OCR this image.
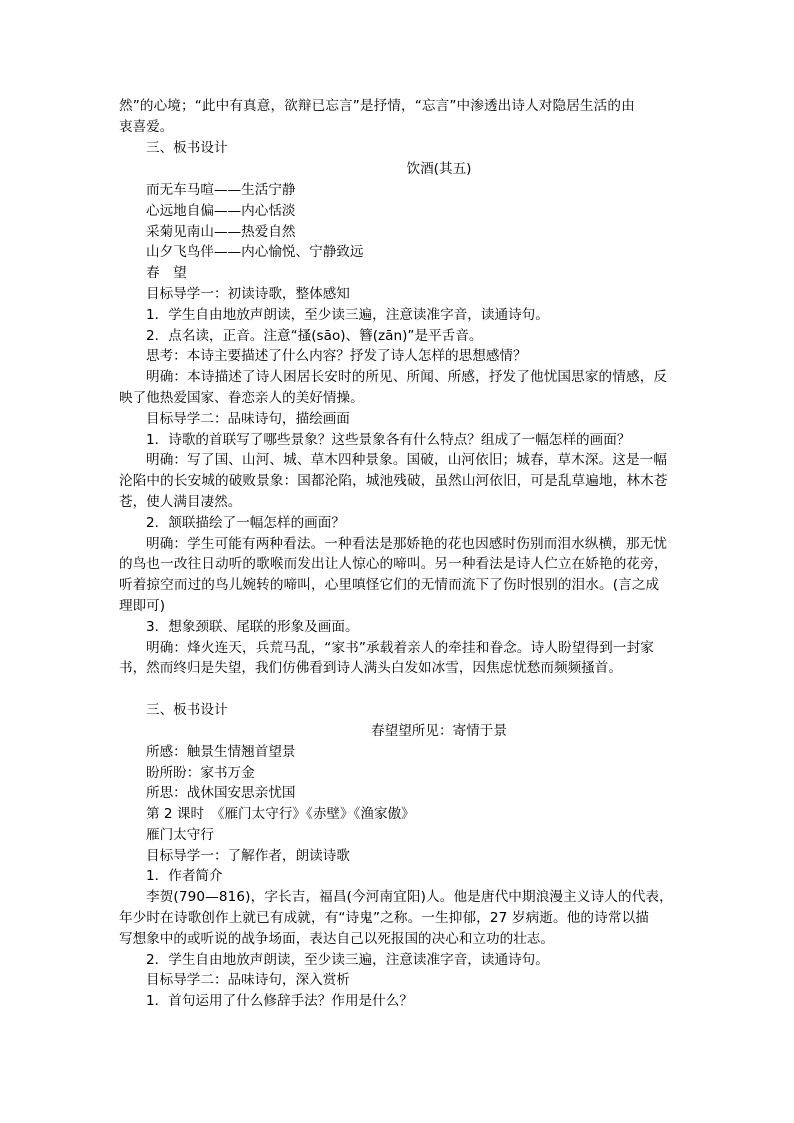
然”的心境；“此中有真意，欲辩已忘言”是抒情，“忘言”中渗透出诗人对隐居生活的由
衷喜爱。
三、板书设计
饮酒(其五)
而无车马喧——生活宁静
心远地自偏——内心恬淡
采菊见南山——热爱自然
山夕飞鸟伴——内心愉悦、宁静致远
春　望
目标导学一：初读诗歌，整体感知
1．学生自由地放声朗读，至少读三遍，注意读准字音，读通诗句。
2．点名读，正音。注意“搔(sāo)、簪(zān)”是平舌音。
思考：本诗主要描述了什么内容？抒发了诗人怎样的思想感情？
明确：本诗描述了诗人困居长安时的所见、所闻、所感，抒发了他忧国思家的情感，反
映了他热爱国家、眷恋亲人的美好情操。
目标导学二：品味诗句，描绘画面
1．诗歌的首联写了哪些景象？这些景象各有什么特点？组成了一幅怎样的画面？
明确：写了国、山河、城、草木四种景象。国破，山河依旧；城春，草木深。这是一幅
沦陷中的长安城的破败景象：国都沦陷，城池残破，虽然山河依旧，可是乱草遍地，林木苍
苍，使人满目凄然。
2．颔联描绘了一幅怎样的画面？
明确：学生可能有两种看法。一种看法是那娇艳的花也因感时伤别而泪水纵横，那无忧
的鸟也一改往日动听的歌喉而发出让人惊心的啼叫。另一种看法是诗人伫立在娇艳的花旁，
听着掠空而过的鸟儿婉转的啼叫，心里嗔怪它们的无情而流下了伤时恨别的泪水。(言之成
理即可)
3．想象颈联、尾联的形象及画面。
明确：烽火连天，兵荒马乱，“家书”承载着亲人的牵挂和眷念。诗人盼望得到一封家
书，然而终归是失望，我们仿佛看到诗人满头白发如冰雪，因焦虑忧愁而频频搔首。
三、板书设计
春望望所见：寄情于景
所感：触景生情翘首望景
盼所盼：家书万金
所思：战休国安思亲忧国
第 2 课时　《雁门太守行》《赤壁》《渔家傲》
雁门太守行
目标导学一：了解作者，朗读诗歌
1．作者简介
李贺(790—816)，字长吉，福昌(今河南宜阳)人。他是唐代中期浪漫主义诗人的代表，
年少时在诗歌创作上就已有成就，有“诗鬼”之称。一生抑郁，27 岁病逝。他的诗常以描
写想象中的或听说的战争场面，表达自己以死报国的决心和立功的壮志。
2．学生自由地放声朗读，至少读三遍，注意读准字音，读通诗句。
目标导学二：品味诗句，深入赏析
1．首句运用了什么修辞手法？作用是什么？
